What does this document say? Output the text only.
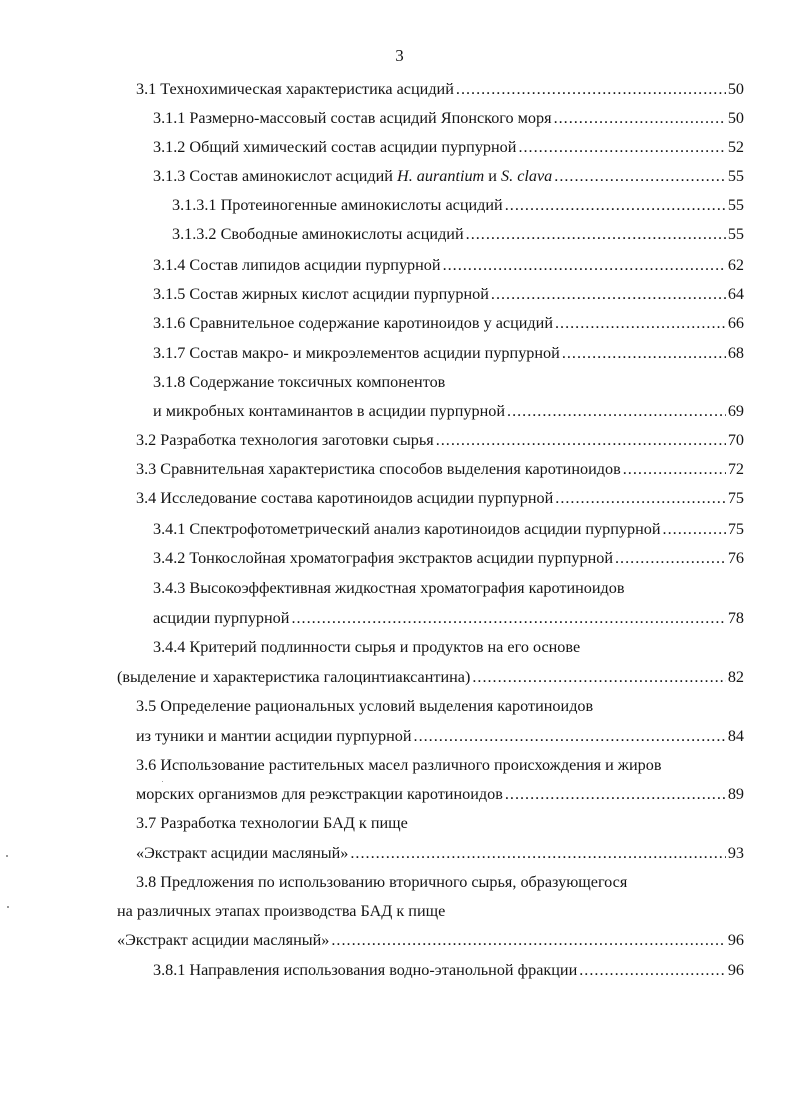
3
3.1 Технохимическая характеристика асцидий .....	50
3.1.1 Размерно-массовый состав асцидий Японского моря .....	50
3.1.2 Общий химический состав асцидии пурпурной .....	52
3.1.3 Состав аминокислот асцидий H. aurantium и S. clava .....	55
3.1.3.1 Протеиногенные аминокислоты асцидий .....	55
3.1.3.2 Свободные аминокислоты асцидий .....	55
3.1.4 Состав липидов асцидии пурпурной .....	62
3.1.5 Состав жирных кислот асцидии пурпурной .....	64
3.1.6 Сравнительное содержание каротиноидов у асцидий .....	66
3.1.7 Состав макро- и микроэлементов асцидии пурпурной .....	68
3.1.8 Содержание токсичных компонентов
и микробных контаминантов в асцидии пурпурной .....	69
3.2 Разработка технология заготовки сырья .....	70
3.3 Сравнительная характеристика способов выделения каротиноидов .....	72
3.4 Исследование состава каротиноидов асцидии пурпурной .....	75
3.4.1 Спектрофотометрический анализ каротиноидов асцидии пурпурной .....	75
3.4.2 Тонкослойная хроматография экстрактов асцидии пурпурной .....	76
3.4.3 Высокоэффективная жидкостная хроматография каротиноидов
асцидии пурпурной .....	78
3.4.4 Критерий подлинности сырья и продуктов на его основе
(выделение и характеристика галоцинтиаксантина) .....	82
3.5 Определение рациональных условий выделения каротиноидов
из туники и мантии асцидии пурпурной .....	84
3.6 Использование растительных масел различного происхождения и жиров
морских организмов для реэкстракции каротиноидов .....	89
3.7 Разработка технологии БАД к пище
«Экстракт асцидии масляный» .....	93
3.8 Предложения по использованию вторичного сырья, образующегося
на различных этапах производства БАД к пище
«Экстракт асцидии масляный» .....	96
3.8.1 Направления использования водно-этанольной фракции .....	96
